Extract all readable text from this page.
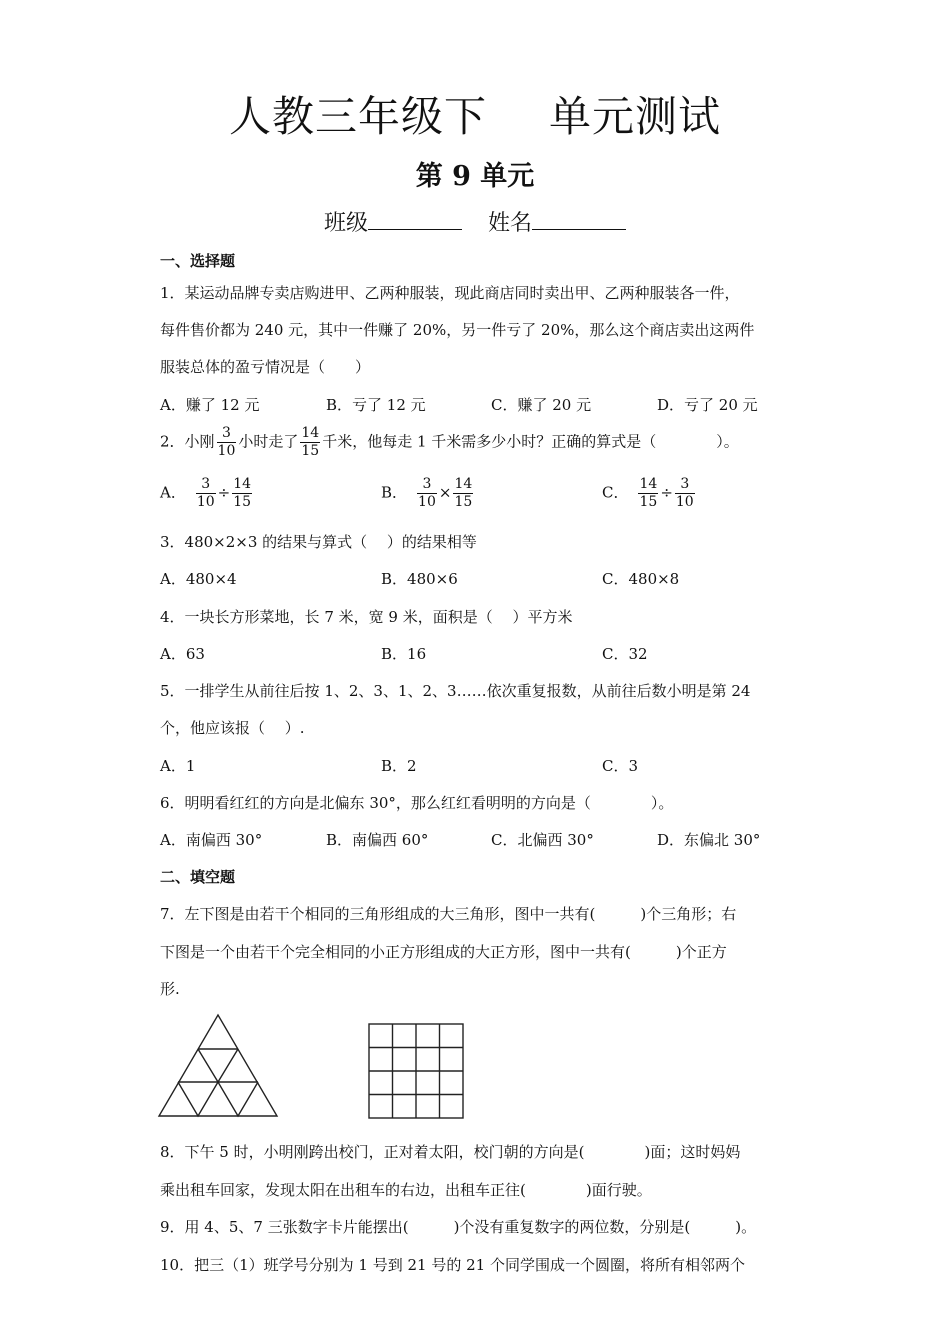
人教三年级下 单元测试
第 9 单元
班级	姓名
一、选择题
1．某运动品牌专卖店购进甲、乙两种服装，现此商店同时卖出甲、乙两种服装各一件，
每件售价都为 240 元，其中一件赚了 20%，另一件亏了 20%，那么这个商店卖出这两件
服装总体的盈亏情况是（　　）
A．赚了 12 元	B．亏了 12 元	C．赚了 20 元	D．亏了 20 元
2．小刚 $\frac{3}{10}$ 小时走了 $\frac{14}{15}$ 千米，他每走 1 千米需多少小时？正确的算式是（　　　　）。
A． $\frac{3}{10} \div \frac{14}{15}$	B． $\frac{3}{10} \times \frac{14}{15}$	C． $\frac{14}{15} \div \frac{3}{10}$
3．480×2×3 的结果与算式（　 ）的结果相等
A．480×4	B．480×6	C．480×8
4．一块长方形菜地，长 7 米，宽 9 米，面积是（　 ）平方米
A．63	B．16	C．32
5．一排学生从前往后按 1、2、3、1、2、3……依次重复报数，从前往后数小明是第 24
个，他应该报（　 ）.
A．1	B．2	C．3
6．明明看红红的方向是北偏东 30°，那么红红看明明的方向是（　　　　）。
A．南偏西 30°	B．南偏西 60°	C．北偏西 30°	D．东偏北 30°
二、填空题
7．左下图是由若干个相同的三角形组成的大三角形，图中一共有(　　　)个三角形；右
下图是一个由若干个完全相同的小正方形组成的大正方形，图中一共有(　　　)个正方
形.
8．下午 5 时，小明刚跨出校门，正对着太阳，校门朝的方向是(　　　　)面；这时妈妈
乘出租车回家，发现太阳在出租车的右边，出租车正往(　　　　)面行驶。
9．用 4、5、7 三张数字卡片能摆出(　　　)个没有重复数字的两位数，分别是(　　　)。
10．把三（1）班学号分别为 1 号到 21 号的 21 个同学围成一个圆圈，将所有相邻两个
